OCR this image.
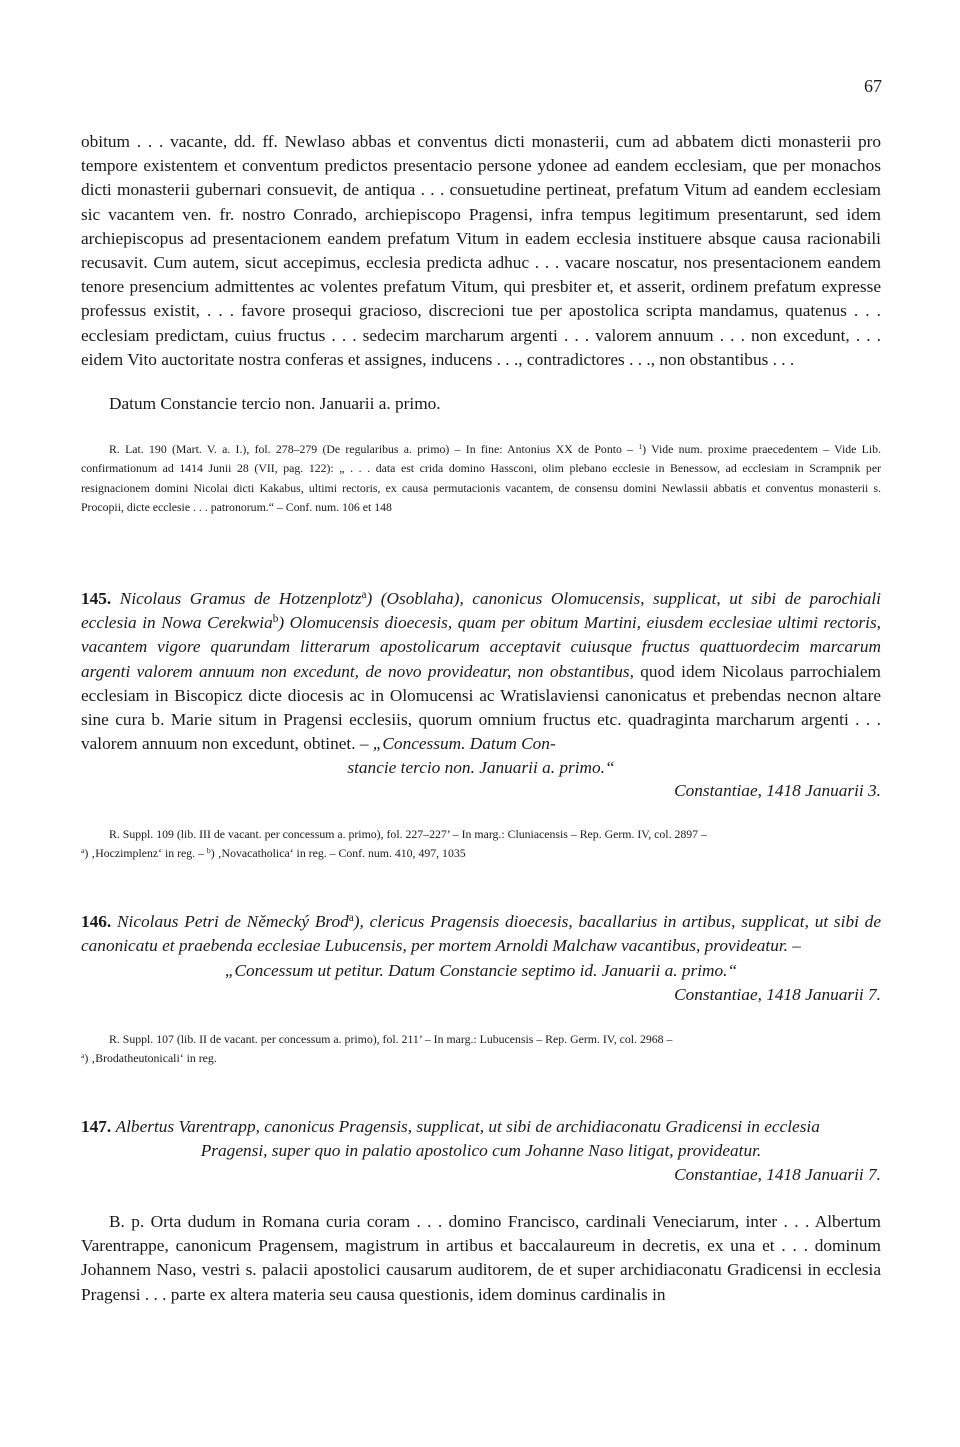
67
obitum . . . vacante, dd. ff. Newlaso abbas et conventus dicti monasterii, cum ad abbatem dicti monasterii pro tempore existentem et conventum predictos presentacio persone ydonee ad eandem ecclesiam, que per monachos dicti monasterii gubernari consuevit, de antiqua . . . consuetudine pertineat, prefatum Vitum ad eandem ecclesiam sic vacantem ven. fr. nostro Conrado, archiepiscopo Pragensi, infra tempus legitimum presentarunt, sed idem archiepiscopus ad presentacionem eandem prefatum Vitum in eadem ecclesia instituere absque causa racionabili recusavit. Cum autem, sicut accepimus, ecclesia predicta adhuc . . . vacare noscatur, nos presentacionem eandem tenore presencium admittentes ac volentes prefatum Vitum, qui presbiter et, et asserit, ordinem prefatum expresse professus existit, . . . favore prosequi gracioso, discrecioni tue per apostolica scripta mandamus, quatenus . . . ecclesiam predictam, cuius fructus . . . sedecim marcharum argenti . . . valorem annuum . . . non excedunt, . . . eidem Vito auctoritate nostra conferas et assignes, inducens . . ., contradictores . . ., non obstantibus . . .
Datum Constancie tercio non. Januarii a. primo.
R. Lat. 190 (Mart. V. a. I.), fol. 278–279 (De regularibus a. primo) – In fine: Antonius XX de Ponto – $^1$) Vide num. proxime praecedentem – Vide Lib. confirmationum ad 1414 Junii 28 (VII, pag. 122): „ . . . data est crida domino Hassconi, olim plebano ecclesie in Benessow, ad ecclesiam in Scrampnik per resignacionem domini Nicolai dicti Kakabus, ultimi rectoris, ex causa permutacionis vacantem, de consensu domini Newlassii abbatis et conventus monasterii s. Procopii, dicte ecclesie . . . patronorum.“ – Conf. num. 106 et 148
145. Nicolaus Gramus de Hotzenplotz$^a$) (Osoblaha), canonicus Olomucensis, supplicat, ut sibi de parochiali ecclesia in Nowa Cerekwia$^b$) Olomucensis dioecesis, quam per obitum Martini, eiusdem ecclesiae ultimi rectoris, vacantem vigore quarundam litterarum apostolicarum acceptavit cuiusque fructus quattuordecim marcarum argenti valorem annuum non excedunt, de novo provideatur, non obstantibus, quod idem Nicolaus parrochialem ecclesiam in Biscopicz dicte diocesis ac in Olomucensi ac Wratislaviensi canonicatus et prebendas necnon altare sine cura b. Marie situm in Pragensi ecclesiis, quorum omnium fructus etc. quadraginta marcharum argenti . . . valorem annuum non excedunt, obtinet. – „Concessum. Datum Con-
stancie tercio non. Januarii a. primo.“
Constantiae, 1418 Januarii 3.
R. Suppl. 109 (lib. III de vacant. per concessum a. primo), fol. 227–227’ – In marg.: Cluniacensis – Rep. Germ. IV, col. 2897 –
$^a$) ‚Hoczimplenz‘ in reg. – $^b$) ‚Novacatholica‘ in reg. – Conf. num. 410, 497, 1035
146. Nicolaus Petri de Německý Brod$^a$), clericus Pragensis dioecesis, bacallarius in artibus, supplicat, ut sibi de canonicatu et praebenda ecclesiae Lubucensis, per mortem Arnoldi Malchaw vacantibus, provideatur. –
„Concessum ut petitur. Datum Constancie septimo id. Januarii a. primo.“
Constantiae, 1418 Januarii 7.
R. Suppl. 107 (lib. II de vacant. per concessum a. primo), fol. 211’ – In marg.: Lubucensis – Rep. Germ. IV, col. 2968 –
$^a$) ‚Brodatheutonicali‘ in reg.
147. Albertus Varentrapp, canonicus Pragensis, supplicat, ut sibi de archidiaconatu Gradicensi in ecclesia
Pragensi, super quo in palatio apostolico cum Johanne Naso litigat, provideatur.
Constantiae, 1418 Januarii 7.
B. p. Orta dudum in Romana curia coram . . . domino Francisco, cardinali Veneciarum, inter . . . Albertum Varentrappe, canonicum Pragensem, magistrum in artibus et baccalaureum in decretis, ex una et . . . dominum Johannem Naso, vestri s. palacii apostolici causarum auditorem, de et super archidiaconatu Gradicensi in ecclesia Pragensi . . . parte ex altera materia seu causa questionis, idem dominus cardinalis in
